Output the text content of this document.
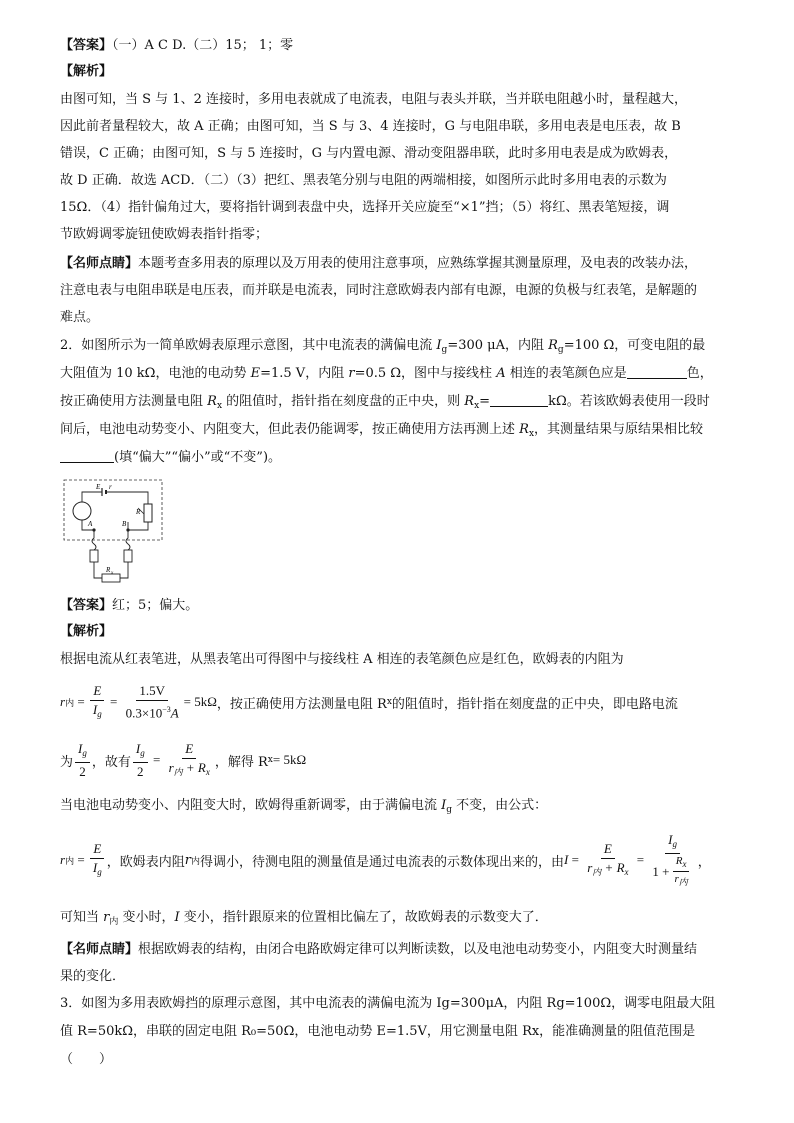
【答案】（一）A C D.（二）15； 1；零
【解析】
由图可知，当 S 与 1、2 连接时，多用电表就成了电流表，电阻与表头并联，当并联电阻越小时，量程越大，
因此前者量程较大，故 A 正确；由图可知，当 S 与 3、4 连接时，G 与电阻串联，多用电表是电压表，故 B
错误，C 正确；由图可知，S 与 5 连接时，G 与内置电源、滑动变阻器串联，此时多用电表是成为欧姆表，
故 D 正确．故选 ACD．（二）（3）把红、黑表笔分别与电阻的两端相接，如图所示此时多用电表的示数为
15Ω．（4）指针偏角过大，要将指针调到表盘中央，选择开关应旋至“×1”挡；（5）将红、黑表笔短接，调
节欧姆调零旋钮使欧姆表指针指零；
【名师点睛】本题考查多用表的原理以及万用表的使用注意事项，应熟练掌握其测量原理，及电表的改装办法，
注意电表与电阻串联是电压表，而并联是电流表，同时注意欧姆表内部有电源，电源的负极与红表笔，是解题的
难点。
2．如图所示为一简单欧姆表原理示意图，其中电流表的满偏电流 $I_g=300$ μA，内阻 $R_g=100$ Ω，可变电阻的最
大阻值为 10 kΩ，电池的电动势 E=1.5 V，内阻 r=0.5 Ω，图中与接线柱 A 相连的表笔颜色应是	色，
按正确使用方法测量电阻 $R_x$ 的阻值时，指针指在刻度盘的正中央，则 $R_x=$	kΩ。若该欧姆表使用一段时
间后，电池电动势变小、内阻变大，但此表仍能调零，按正确使用方法再测上述 $R_x$，其测量结果与原结果相比较
(填“偏大”“偏小”或“不变”)。
E r
R
A	B
R x
【答案】红；5；偏大。
【解析】
根据电流从红表笔进，从黑表笔出可得图中与接线柱 A 相连的表笔颜色应是红色，欧姆表的内阻为
r 内 = $\frac{E}{I_g} = \frac{1.5V}{0.3\times 10^{-3}A} = 5k\Omega$ ，按正确使用方法测量电阻 R x 的阻值时，指针指在刻度盘的正中央，即电路电流
为 $\frac{I_g}{2}$ ，故有 $\frac{I_g}{2} = \frac{E}{r_内 + R_x}$ ，解得 R x = 5kΩ
当电池电动势变小、内阻变大时，欧姆得重新调零，由于满偏电流 $I_g$ 不变，由公式：
r 内 = $\frac{E}{I_g}$ ，欧姆表内阻 r 内 得调小，待测电阻的测量值是通过电流表的示数体现出来的，由 $I = \frac{E}{r_内 + R_x} = \frac{I_g}{1 + \frac{R_x}{r_内}}$ ，
可知当 $r_内$ 变小时，I 变小，指针跟原来的位置相比偏左了，故欧姆表的示数变大了．
【名师点睛】根据欧姆表的结构，由闭合电路欧姆定律可以判断读数，以及电池电动势变小，内阻变大时测量结
果的变化．
3．如图为多用表欧姆挡的原理示意图，其中电流表的满偏电流为 Ig=300μA，内阻 Rg=100Ω，调零电阻最大阻
值 R=50kΩ，串联的固定电阻 R₀=50Ω，电池电动势 E=1.5V，用它测量电阻 Rx，能准确测量的阻值范围是
（　　）
